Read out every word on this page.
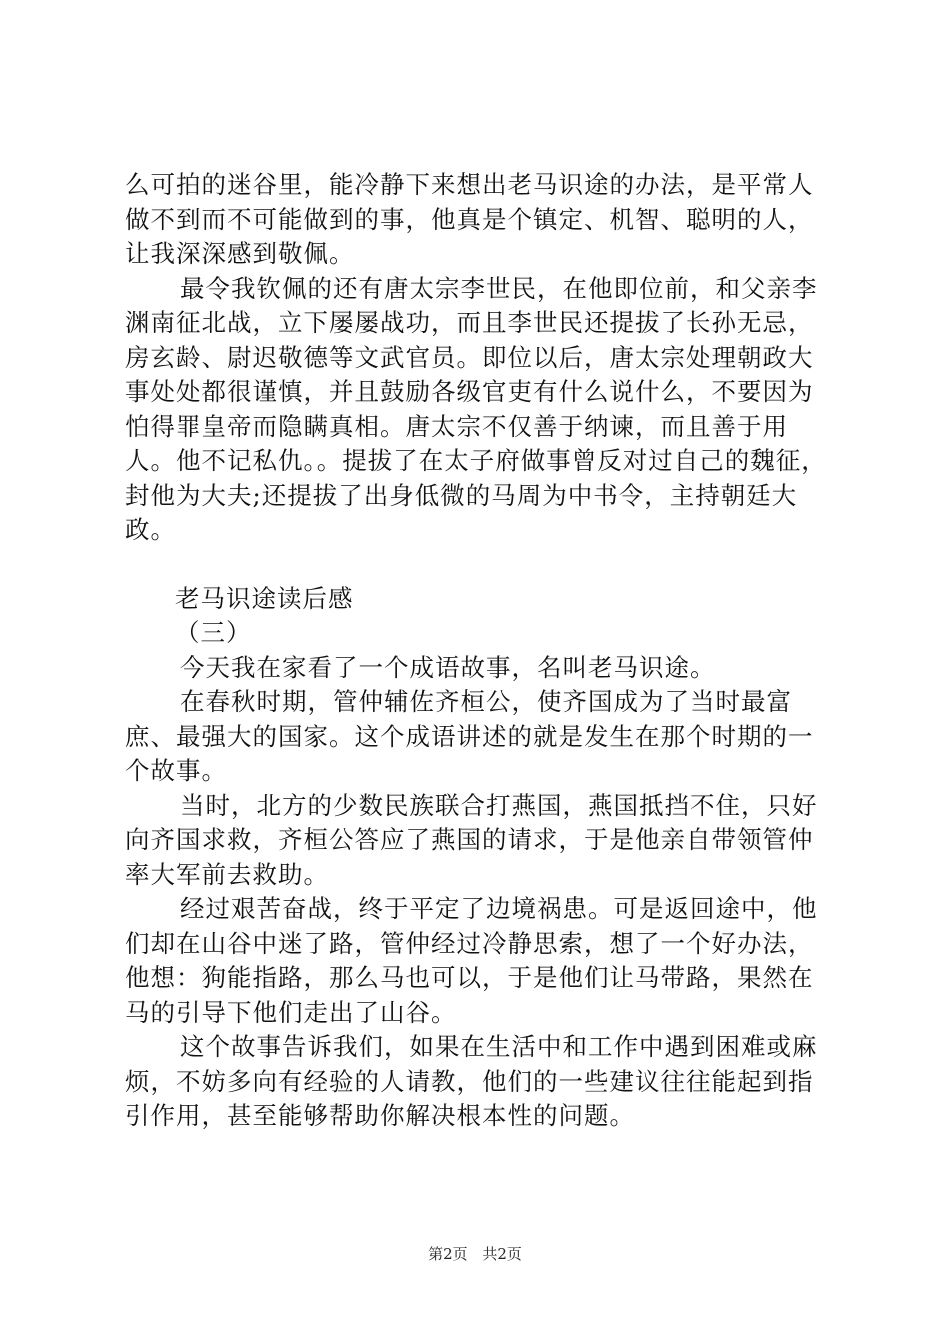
么可拍的迷谷里，能冷静下来想出老马识途的办法，是平常人做不到而不可能做到的事，他真是个镇定、机智、聪明的人，让我深深感到敬佩。

最令我钦佩的还有唐太宗李世民，在他即位前，和父亲李渊南征北战，立下屡屡战功，而且李世民还提拔了长孙无忌，房玄龄、尉迟敬德等文武官员。即位以后，唐太宗处理朝政大事处处都很谨慎，并且鼓励各级官吏有什么说什么，不要因为怕得罪皇帝而隐瞒真相。唐太宗不仅善于纳谏，而且善于用人。他不记私仇。。提拔了在太子府做事曾反对过自己的魏征，封他为大夫;还提拔了出身低微的马周为中书令，主持朝廷大政。

老马识途读后感

（三）

今天我在家看了一个成语故事，名叫老马识途。

在春秋时期，管仲辅佐齐桓公，使齐国成为了当时最富庶、最强大的国家。这个成语讲述的就是发生在那个时期的一个故事。

当时，北方的少数民族联合打燕国，燕国抵挡不住，只好向齐国求救，齐桓公答应了燕国的请求，于是他亲自带领管仲率大军前去救助。

经过艰苦奋战，终于平定了边境祸患。可是返回途中，他们却在山谷中迷了路，管仲经过冷静思索，想了一个好办法，他想：狗能指路，那么马也可以，于是他们让马带路，果然在马的引导下他们走出了山谷。

这个故事告诉我们，如果在生活中和工作中遇到困难或麻烦，不妨多向有经验的人请教，他们的一些建议往往能起到指引作用，甚至能够帮助你解决根本性的问题。

第2页 共2页
